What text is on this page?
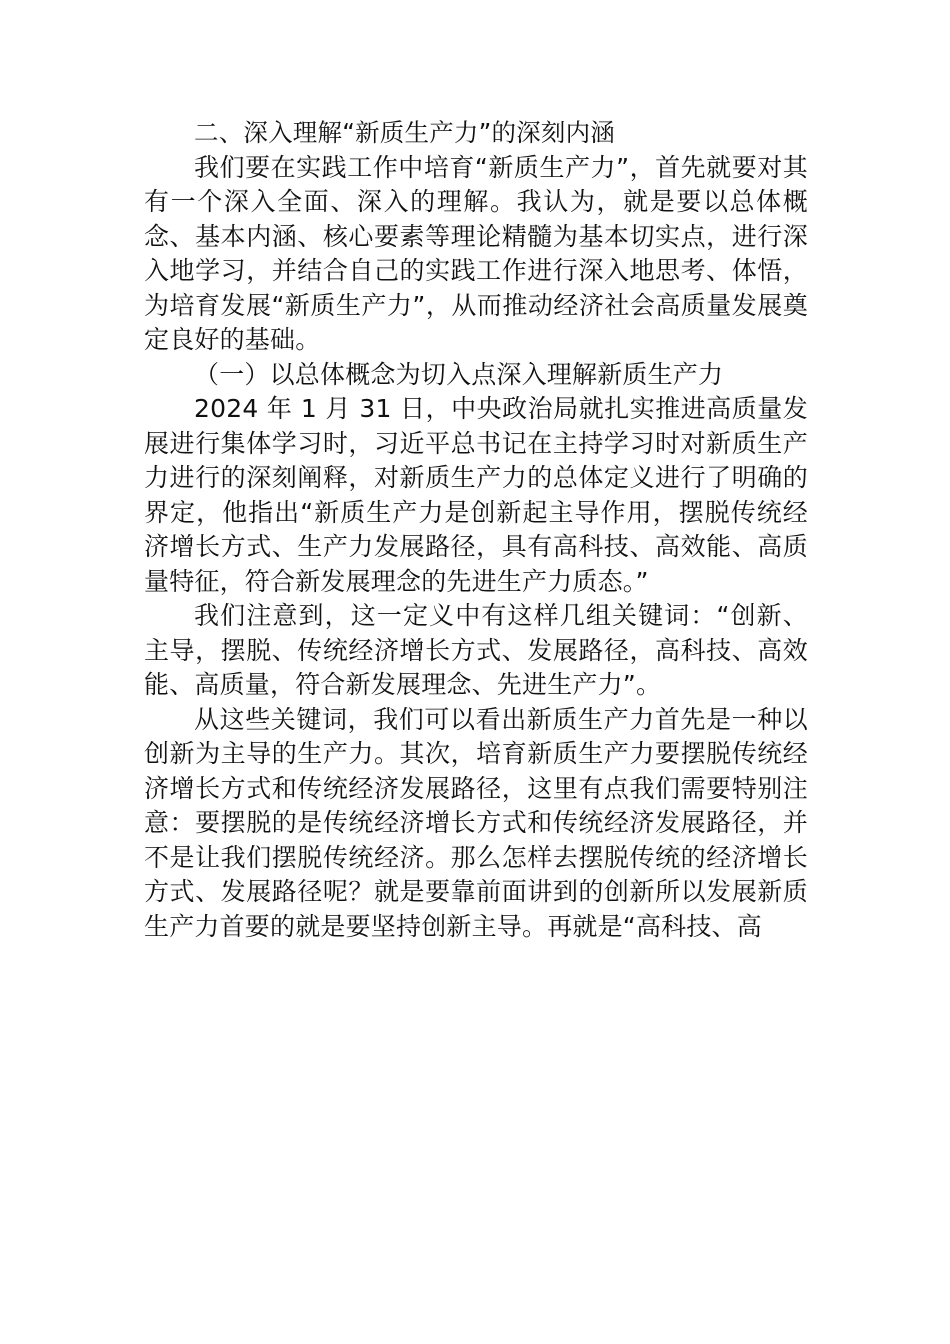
二、深入理解“新质生产力”的深刻内涵

我们要在实践工作中培育“新质生产力”，首先就要对其有一个深入全面、深入的理解。我认为，就是要以总体概念、基本内涵、核心要素等理论精髓为基本切实点，进行深入地学习，并结合自己的实践工作进行深入地思考、体悟，为培育发展“新质生产力”，从而推动经济社会高质量发展奠定良好的基础。

（一）以总体概念为切入点深入理解新质生产力

2024 年 1 月 31 日，中央政治局就扎实推进高质量发展进行集体学习时，习近平总书记在主持学习时对新质生产力进行的深刻阐释，对新质生产力的总体定义进行了明确的界定，他指出“新质生产力是创新起主导作用，摆脱传统经济增长方式、生产力发展路径，具有高科技、高效能、高质量特征，符合新发展理念的先进生产力质态。”

我们注意到，这一定义中有这样几组关键词：“创新、主导，摆脱、传统经济增长方式、发展路径，高科技、高效能、高质量，符合新发展理念、先进生产力”。

从这些关键词，我们可以看出新质生产力首先是一种以创新为主导的生产力。其次，培育新质生产力要摆脱传统经济增长方式和传统经济发展路径，这里有点我们需要特别注意：要摆脱的是传统经济增长方式和传统经济发展路径，并不是让我们摆脱传统经济。那么怎样去摆脱传统的经济增长方式、发展路径呢？就是要靠前面讲到的创新所以发展新质生产力首要的就是要坚持创新主导。再就是“高科技、高
